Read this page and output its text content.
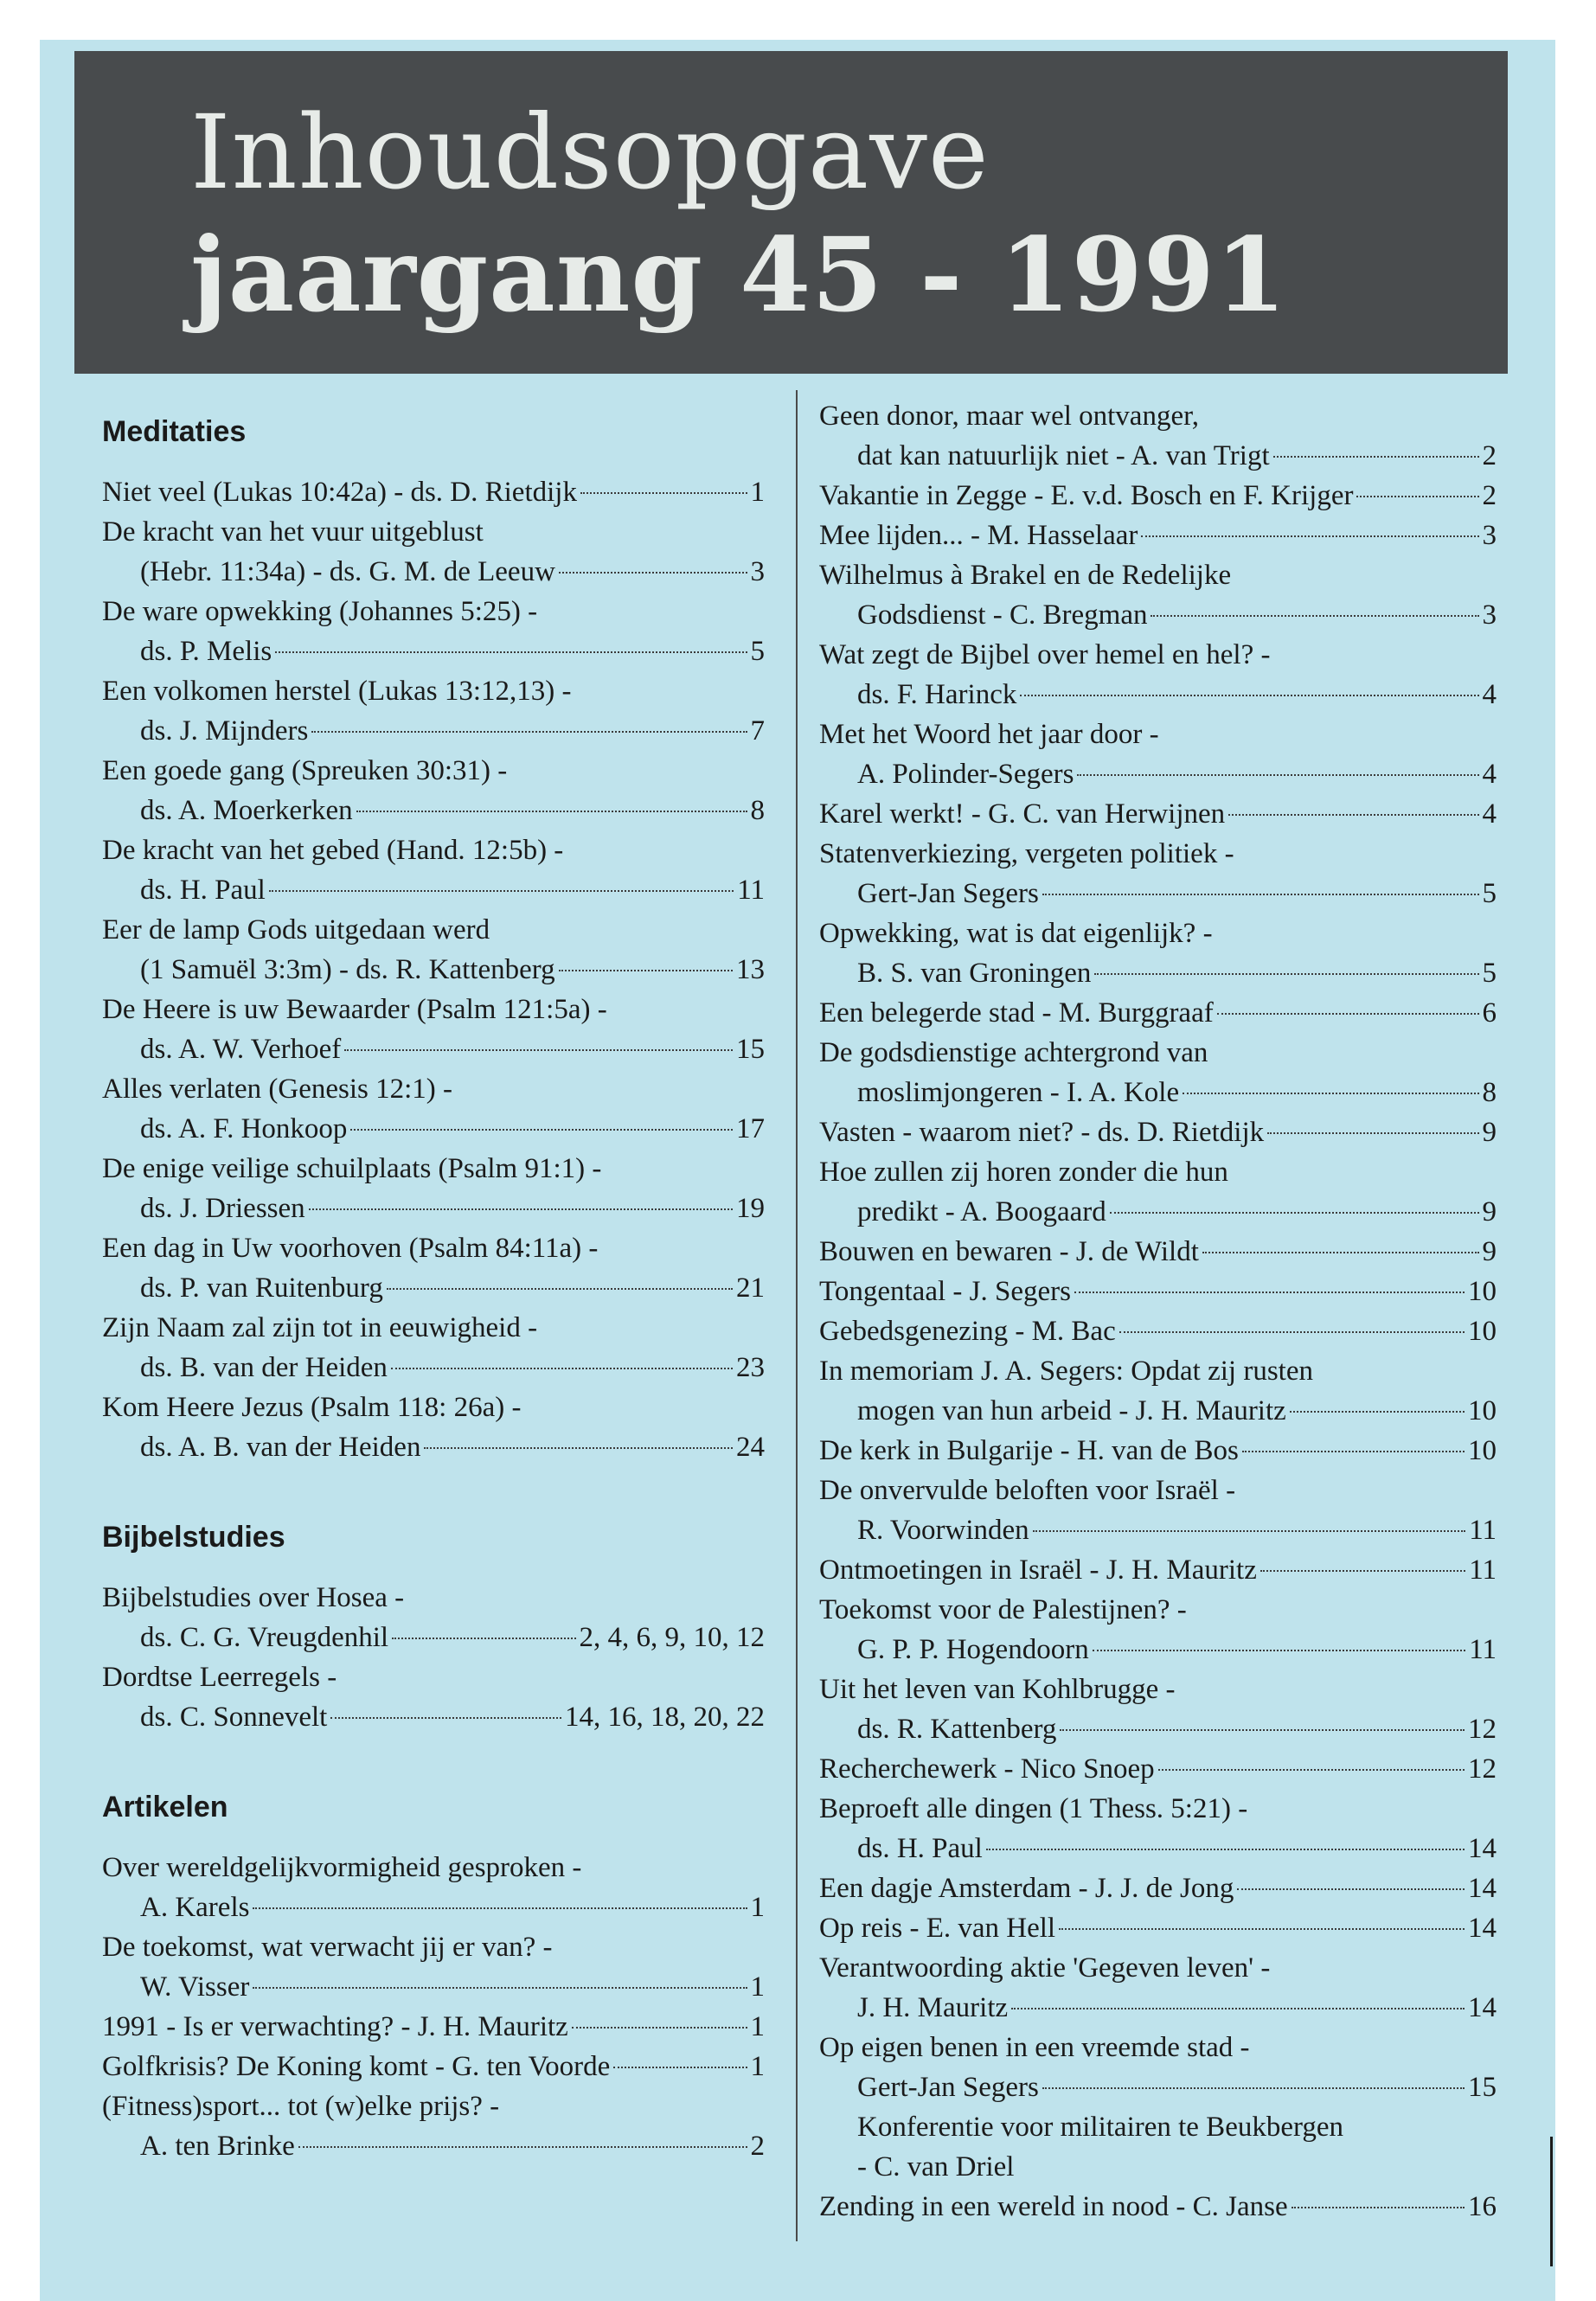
Inhoudsopgave
jaargang 45 - 1991
Meditaties
Niet veel (Lukas 10:42a) - ds. D. Rietdijk	1
De kracht van het vuur uitgeblust
(Hebr. 11:34a) - ds. G. M. de Leeuw	3
De ware opwekking (Johannes 5:25) -
ds. P. Melis	5
Een volkomen herstel (Lukas 13:12,13) -
ds. J. Mijnders	7
Een goede gang (Spreuken 30:31) -
ds. A. Moerkerken	8
De kracht van het gebed (Hand. 12:5b) -
ds. H. Paul	11
Eer de lamp Gods uitgedaan werd
(1 Samuël 3:3m) - ds. R. Kattenberg	13
De Heere is uw Bewaarder (Psalm 121:5a) -
ds. A. W. Verhoef	15
Alles verlaten (Genesis 12:1) -
ds. A. F. Honkoop	17
De enige veilige schuilplaats (Psalm 91:1) -
ds. J. Driessen	19
Een dag in Uw voorhoven (Psalm 84:11a) -
ds. P. van Ruitenburg	21
Zijn Naam zal zijn tot in eeuwigheid -
ds. B. van der Heiden	23
Kom Heere Jezus (Psalm 118: 26a) -
ds. A. B. van der Heiden	24
Bijbelstudies
Bijbelstudies over Hosea -
ds. C. G. Vreugdenhil	2, 4, 6, 9, 10, 12
Dordtse Leerregels -
ds. C. Sonnevelt	14, 16, 18, 20, 22
Artikelen
Over wereldgelijkvormigheid gesproken -
A. Karels	1
De toekomst, wat verwacht jij er van? -
W. Visser	1
1991 - Is er verwachting? - J. H. Mauritz	1
Golfkrisis? De Koning komt - G. ten Voorde	1
(Fitness)sport... tot (w)elke prijs? -
A. ten Brinke	2
Geen donor, maar wel ontvanger,
dat kan natuurlijk niet - A. van Trigt	2
Vakantie in Zegge - E. v.d. Bosch en F. Krijger	2
Mee lijden... - M. Hasselaar	3
Wilhelmus à Brakel en de Redelijke
Godsdienst - C. Bregman	3
Wat zegt de Bijbel over hemel en hel? -
ds. F. Harinck	4
Met het Woord het jaar door -
A. Polinder-Segers	4
Karel werkt! - G. C. van Herwijnen	4
Statenverkiezing, vergeten politiek -
Gert-Jan Segers	5
Opwekking, wat is dat eigenlijk? -
B. S. van Groningen	5
Een belegerde stad - M. Burggraaf	6
De godsdienstige achtergrond van
moslimjongeren - I. A. Kole	8
Vasten - waarom niet? - ds. D. Rietdijk	9
Hoe zullen zij horen zonder die hun
predikt - A. Boogaard	9
Bouwen en bewaren - J. de Wildt	9
Tongentaal - J. Segers	10
Gebedsgenezing - M. Bac	10
In memoriam J. A. Segers: Opdat zij rusten
mogen van hun arbeid - J. H. Mauritz	10
De kerk in Bulgarije - H. van de Bos	10
De onvervulde beloften voor Israël -
R. Voorwinden	11
Ontmoetingen in Israël - J. H. Mauritz	11
Toekomst voor de Palestijnen? -
G. P. P. Hogendoorn	11
Uit het leven van Kohlbrugge -
ds. R. Kattenberg	12
Recherchewerk - Nico Snoep	12
Beproeft alle dingen (1 Thess. 5:21) -
ds. H. Paul	14
Een dagje Amsterdam - J. J. de Jong	14
Op reis - E. van Hell	14
Verantwoording aktie 'Gegeven leven' -
J. H. Mauritz	14
Op eigen benen in een vreemde stad -
Gert-Jan Segers	15
Konferentie voor militairen te Beukbergen
- C. van Driel
Zending in een wereld in nood - C. Janse	16
